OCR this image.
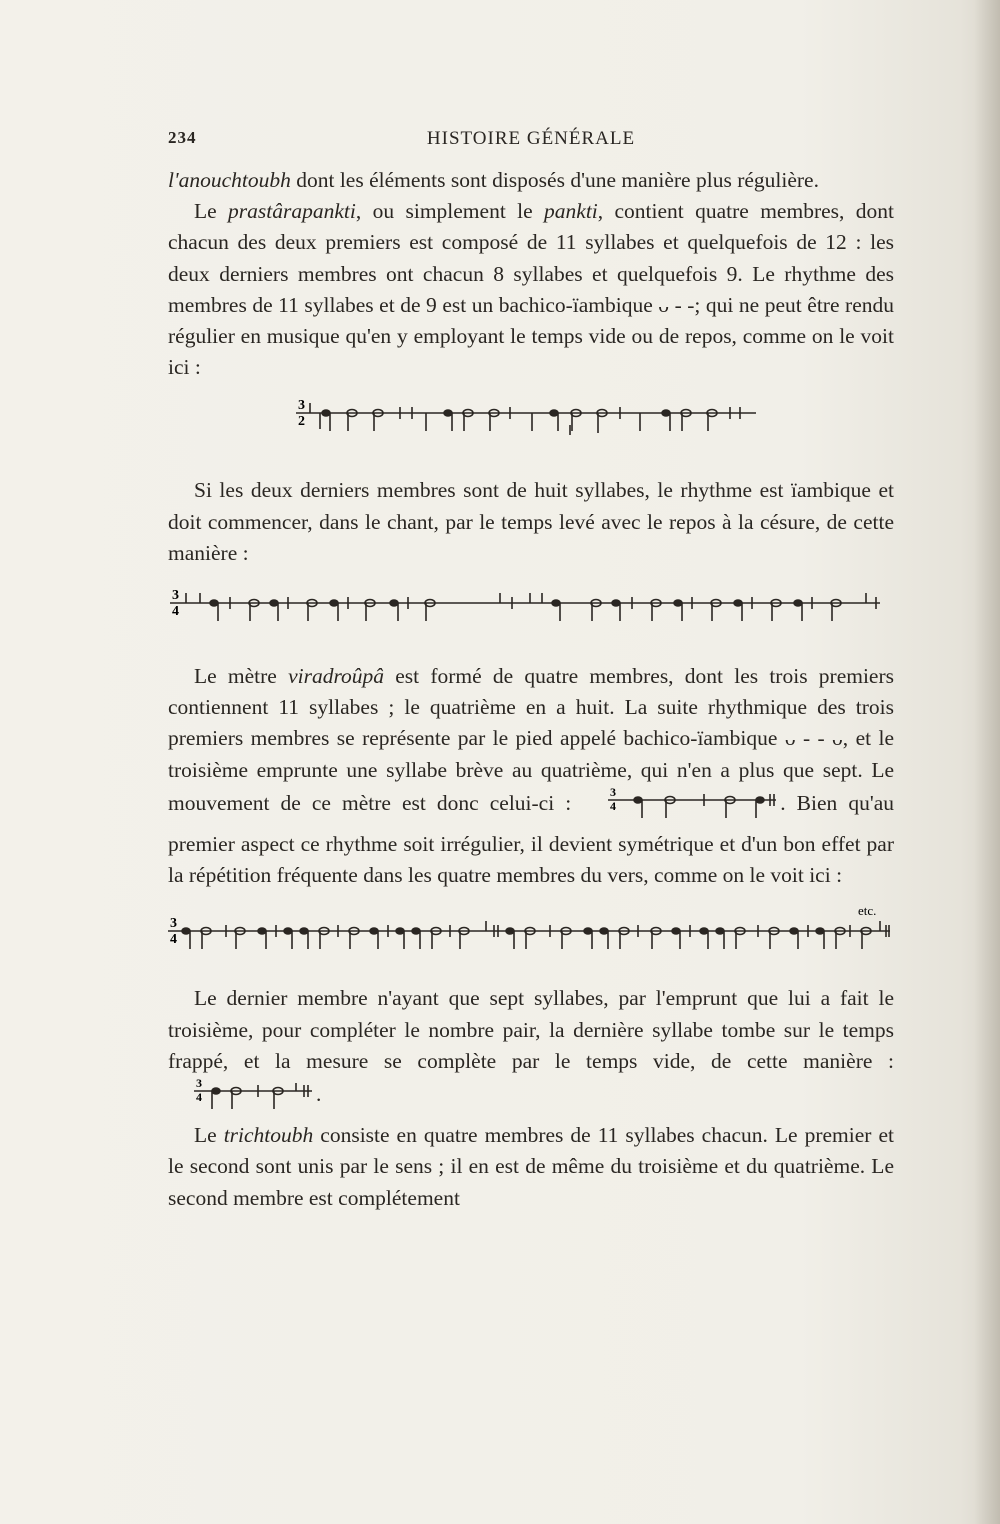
234	HISTOIRE GÉNÉRALE

l'anouchtoubh dont les éléments sont disposés d'une manière plus régulière.

Le prastârapankti, ou simplement le pankti, contient quatre membres, dont chacun des deux premiers est composé de 11 syllabes et quelquefois de 12 : les deux derniers membres ont chacun 8 syllabes et quelquefois 9. Le rhythme des membres de 11 syllabes et de 9 est un bachico-ïambique ᴗ - -; qui ne peut être rendu régulier en musique qu'en y employant le temps vide ou de repos, comme on le voit ici :

3
2

Si les deux derniers membres sont de huit syllabes, le rhythme est ïambique et doit commencer, dans le chant, par le temps levé avec le repos à la césure, de cette manière :

3
4

Le mètre viradroûpâ est formé de quatre membres, dont les trois premiers contiennent 11 syllabes ; le quatrième en a huit. La suite rhythmique des trois premiers membres se représente par le pied appelé bachico-ïambique ᴗ - - ᴗ, et le troisième emprunte une syllabe brève au quatrième, qui n'en a plus que sept. Le mouvement de ce mètre est donc celui-ci : 3
4	. Bien qu'au premier aspect ce rhythme soit irrégulier, il devient symétrique et d'un bon effet par la répétition fréquente dans les quatre membres du vers, comme on le voit ici :

3
4
etc.

Le dernier membre n'ayant que sept syllabes, par l'emprunt que lui a fait le troisième, pour compléter le nombre pair, la dernière syllabe tombe sur le temps frappé, et la mesure se complète par le temps vide, de cette manière :
3
4	.

Le trichtoubh consiste en quatre membres de 11 syllabes chacun. Le premier et le second sont unis par le sens ; il en est de même du troisième et du quatrième. Le second membre est complétement
